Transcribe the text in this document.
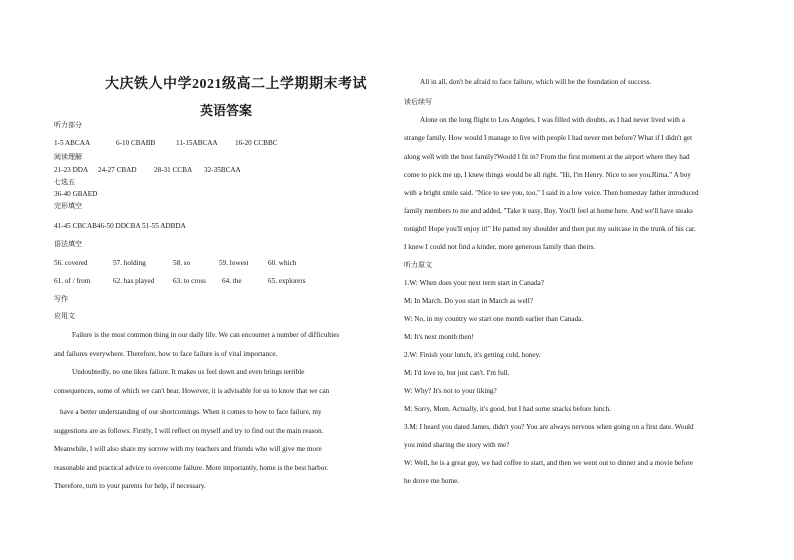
大庆铁人中学2021级高二上学期期末考试
英语答案
听力部分
1-5 ABCAA	6-10 CBABB	11-15ABCAA 16-20 CCBBC
阅读理解
21-23 DDA 24-27 CBAD 28-31 CCBA 32-35BCAA
七选五
36-40 GBAED
完形填空
41-45 CBCAB46-50 DDCBA 51-55 ADBDA
语法填空
56. covered	57. holding	58. so	59. lowest	60. which
61. of / from	62. has played	63. to cross 64. the	65. explorers
写作
应用文
Failure is the most common thing in our daily life. We can encounter a number of difficulties
and failures everywhere. Therefore, how to face failure is of vital importance.
Undoubtedly, no one likes failure. It makes us feel down and even brings terrible
consequences, some of which we can't bear. However, it is advisable for us to know that we can
have a better understanding of our shortcomings. When it comes to how to face failure, my
suggestions are as follows. Firstly, I will reflect on myself and try to find out the main reason.
Meanwhile, I will also share my sorrow with my teachers and friends who will give me more
reasonable and practical advice to overcome failure. More importantly, home is the best harbor.
Therefore, turn to your parents for help, if necessary.
All in all, don't be afraid to face failure, which will be the foundation of success.
读后续写
Alone on the long flight to Los Angeles, I was filled with doubts, as I had never lived with a
strange family. How would I manage to live with people I had never met before? What if I didn't get
along well with the host family?Would I fit in? From the first moment at the airport where they had
come to pick me up, I knew things would be all right. "Hi, I'm Henry. Nice to see you,Rima." A boy
with a bright smile said. "Nice to see you, too," I said in a low voice. Then homestay father introduced
family members to me and added, "Take it easy, Buy. You'll feel at home here. And we'll have steaks
tonight! Hope you'll enjoy it!" He patted my shoulder and then put my suitcase in the trunk of his car.
I knew I could not find a kinder, more generous family than theirs.
听力原文
1.W: When does your next term start in Canada?
M: In March. Do you start in March as well?
W: No, in my country we start one month earlier than Canada.
M: It's next month then!
2.W: Finish your lunch, it's getting cold, honey.
M: I'd love to, but just can't. I'm full.
W: Why? It's not to your liking?
M: Sorry, Mom. Actually, it's good, but I had some snacks before lunch.
3.M: I heard you dated James, didn't you? You are always nervous when going on a first date. Would
you mind sharing the story with me?
W: Well, he is a great guy, we had coffee to start, and then we went out to dinner and a movie before
he drove me home.
